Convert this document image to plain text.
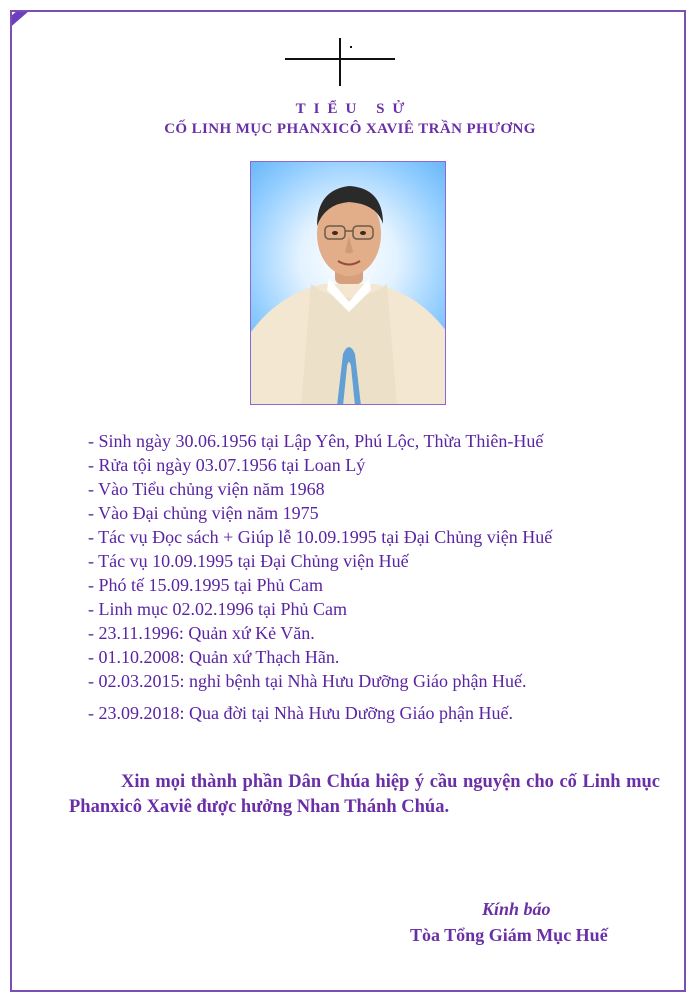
TIỂU SỬ
CỐ LINH MỤC PHANXICÔ XAVIÊ TRẦN PHƯƠNG
- Sinh ngày 30.06.1956 tại Lập Yên, Phú Lộc, Thừa Thiên-Huế
- Rửa tội ngày 03.07.1956 tại Loan Lý
- Vào Tiểu chủng viện năm 1968
- Vào Đại chủng viện năm 1975
- Tác vụ Đọc sách + Giúp lễ 10.09.1995 tại Đại Chủng viện Huế
- Tác vụ 10.09.1995 tại Đại Chủng viện Huế
- Phó tế 15.09.1995 tại Phủ Cam
- Linh mục 02.02.1996 tại Phủ Cam
- 23.11.1996: Quản xứ Kẻ Văn.
- 01.10.2008: Quản xứ Thạch Hãn.
- 02.03.2015: nghỉ bệnh tại Nhà Hưu Dưỡng Giáo phận Huế.
- 23.09.2018: Qua đời tại Nhà Hưu Dưỡng Giáo phận Huế.

Xin mọi thành phần Dân Chúa hiệp ý cầu nguyện cho cố Linh mục Phanxicô Xaviê được hưởng Nhan Thánh Chúa.

Kính báo
Tòa Tổng Giám Mục Huế
